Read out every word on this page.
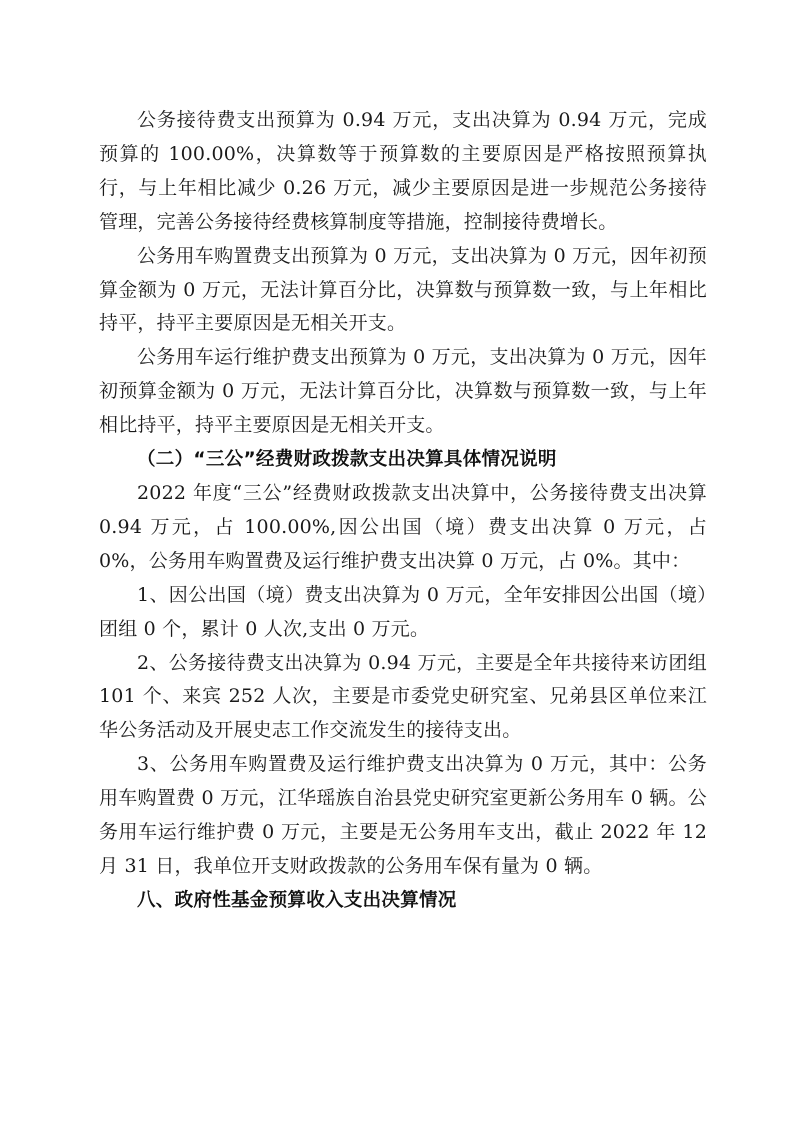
公务接待费支出预算为 0.94 万元，支出决算为 0.94 万元，完成预算的 100.00%，决算数等于预算数的主要原因是严格按照预算执行，与上年相比减少 0.26 万元，减少主要原因是进一步规范公务接待管理，完善公务接待经费核算制度等措施，控制接待费增长。

公务用车购置费支出预算为 0 万元，支出决算为 0 万元，因年初预算金额为 0 万元，无法计算百分比，决算数与预算数一致，与上年相比持平，持平主要原因是无相关开支。

公务用车运行维护费支出预算为 0 万元，支出决算为 0 万元，因年初预算金额为 0 万元，无法计算百分比，决算数与预算数一致，与上年相比持平，持平主要原因是无相关开支。

（二）“三公”经费财政拨款支出决算具体情况说明

2022 年度“三公”经费财政拨款支出决算中，公务接待费支出决算 0.94 万元，占 100.00%,因公出国（境）费支出决算 0 万元，占 0%，公务用车购置费及运行维护费支出决算 0 万元，占 0%。其中：

1、因公出国（境）费支出决算为 0 万元，全年安排因公出国（境）团组 0 个，累计 0 人次,支出 0 万元。

2、公务接待费支出决算为 0.94 万元，主要是全年共接待来访团组 101 个、来宾 252 人次，主要是市委党史研究室、兄弟县区单位来江华公务活动及开展史志工作交流发生的接待支出。

3、公务用车购置费及运行维护费支出决算为 0 万元，其中：公务用车购置费 0 万元，江华瑶族自治县党史研究室更新公务用车 0 辆。公务用车运行维护费 0 万元，主要是无公务用车支出，截止 2022 年 12 月 31 日，我单位开支财政拨款的公务用车保有量为 0 辆。

八、政府性基金预算收入支出决算情况
